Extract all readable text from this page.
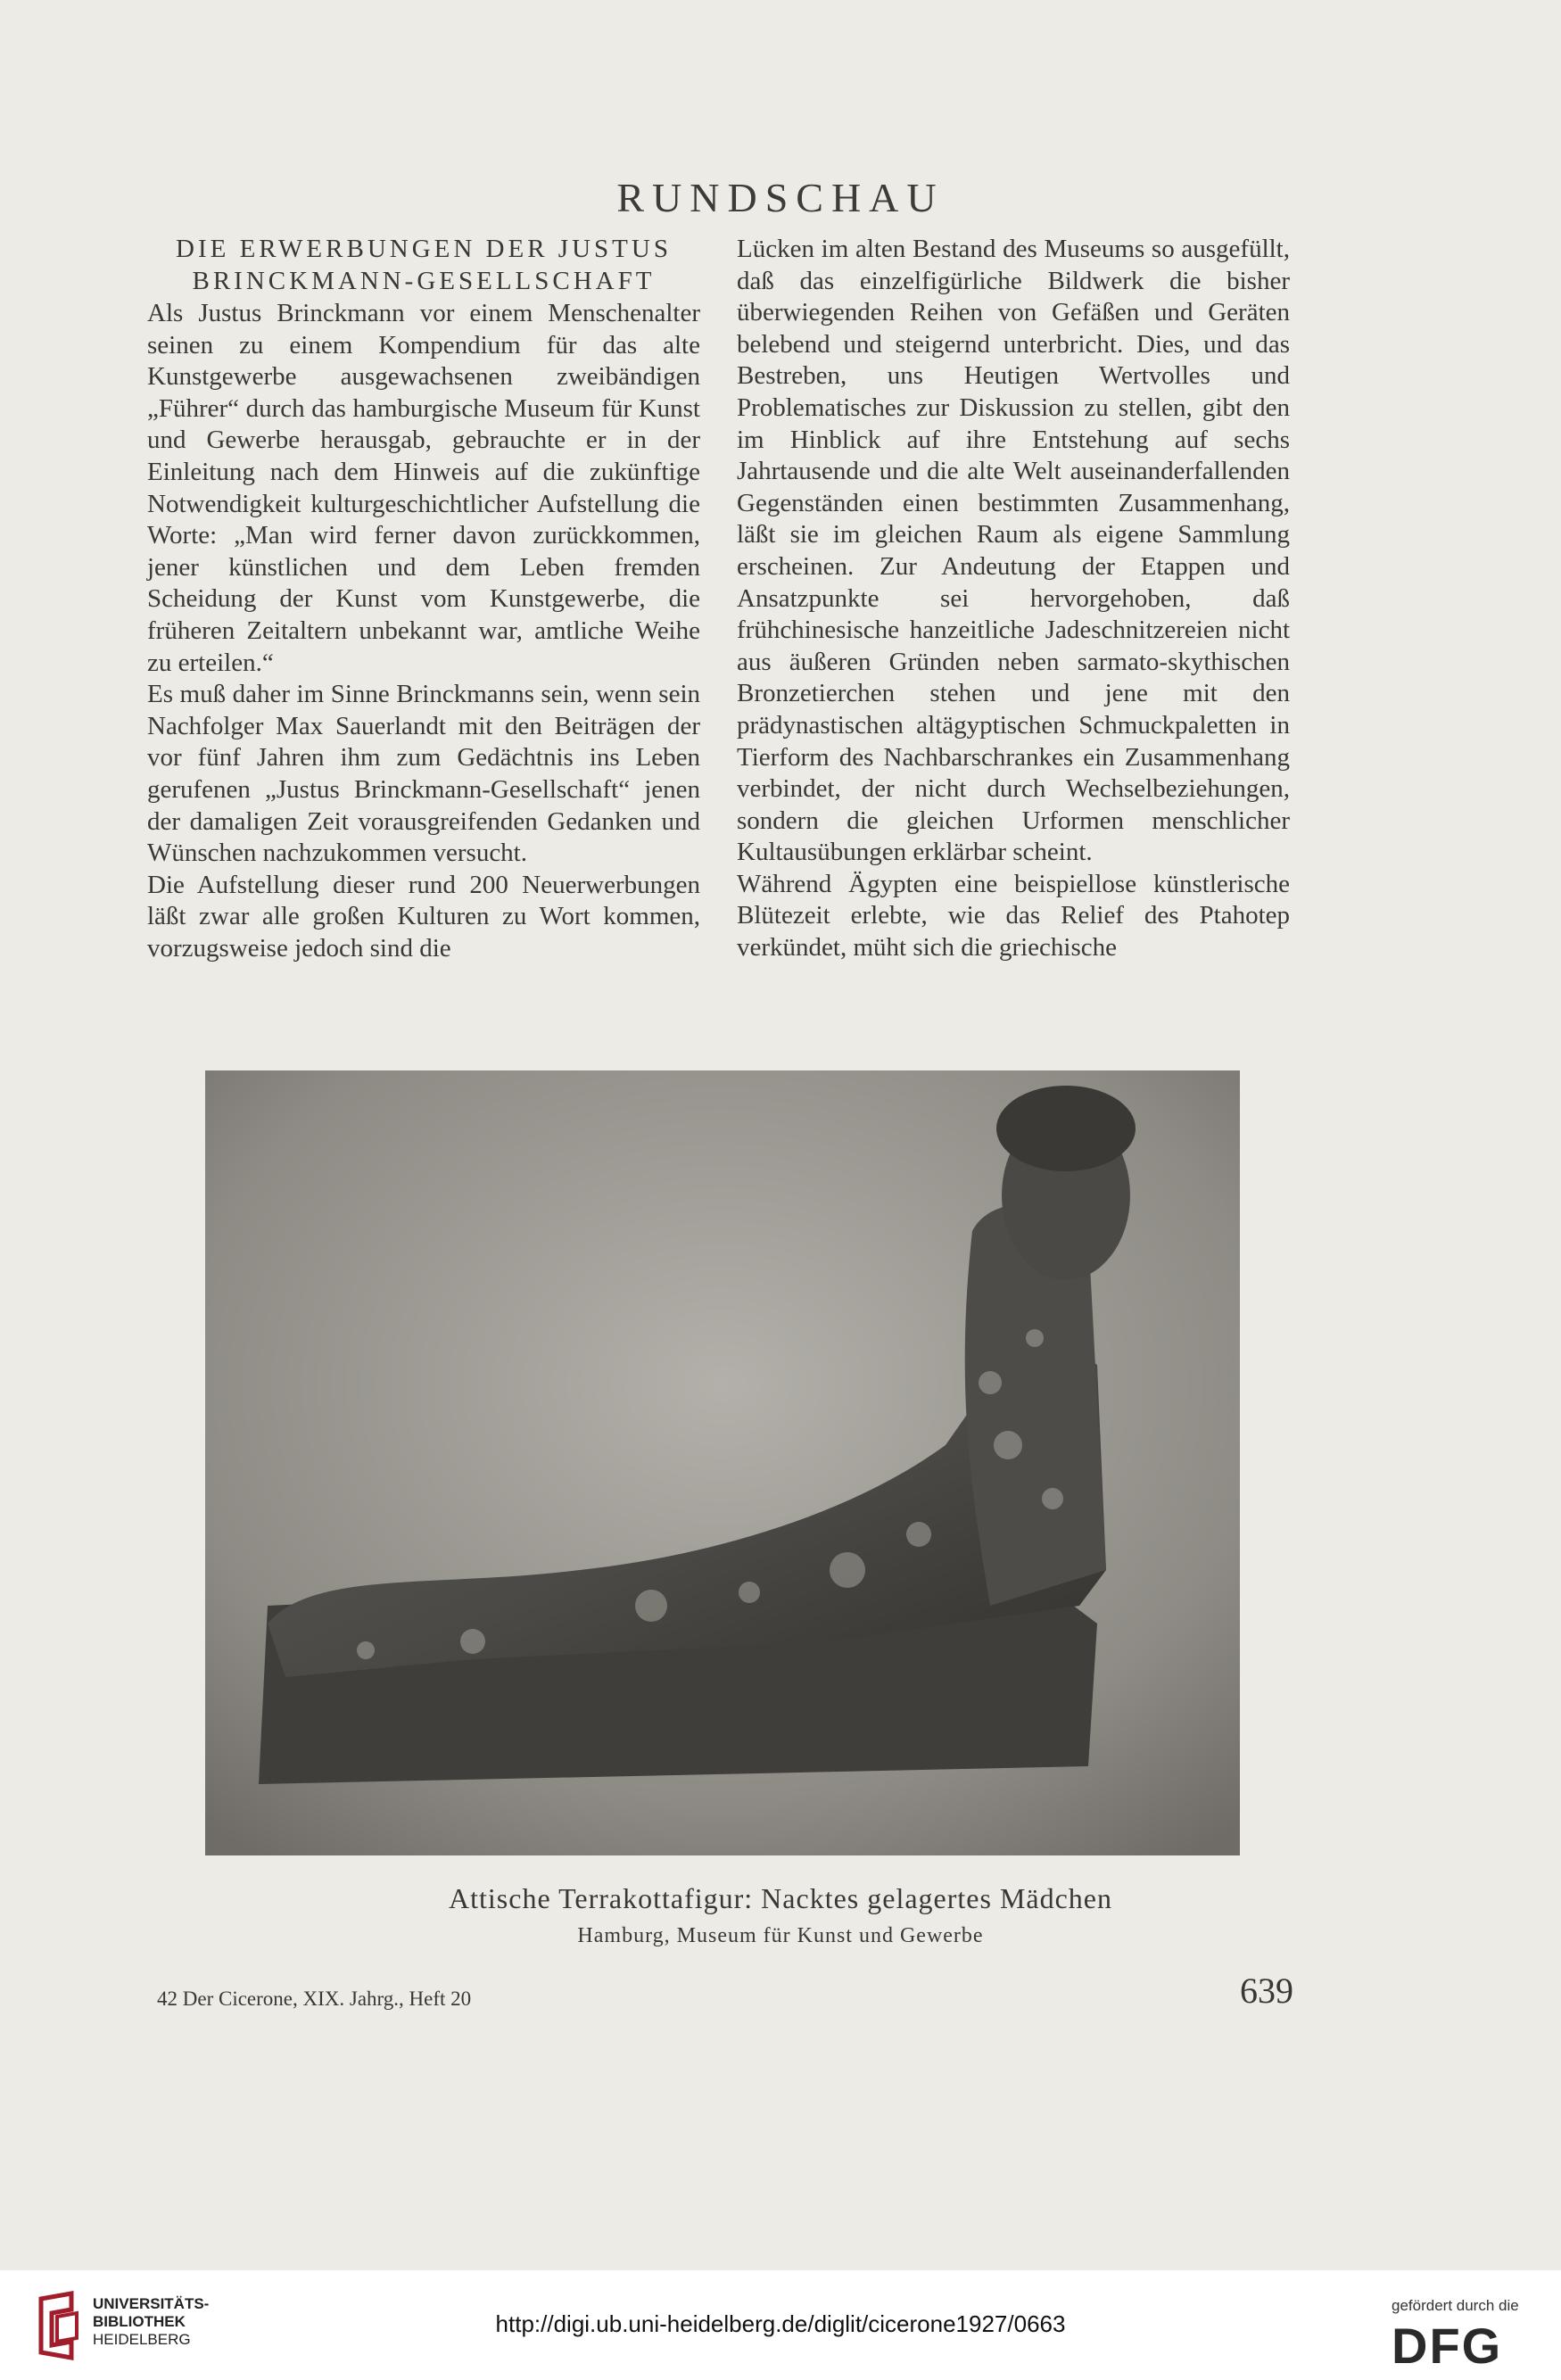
RUNDSCHAU
DIE ERWERBUNGEN DER JUSTUS
BRINCKMANN-GESELLSCHAFT

Als Justus Brinckmann vor einem Menschenalter seinen zu einem Kompendium für das alte Kunstgewerbe ausgewachsenen zweibändigen „Führer“ durch das hamburgische Museum für Kunst und Gewerbe herausgab, gebrauchte er in der Einleitung nach dem Hinweis auf die zukünftige Notwendigkeit kulturgeschichtlicher Aufstellung die Worte: „Man wird ferner davon zurückkommen, jener künstlichen und dem Leben fremden Scheidung der Kunst vom Kunstgewerbe, die früheren Zeitaltern unbekannt war, amtliche Weihe zu erteilen.“

Es muß daher im Sinne Brinckmanns sein, wenn sein Nachfolger Max Sauerlandt mit den Beiträgen der vor fünf Jahren ihm zum Gedächtnis ins Leben gerufenen „Justus Brinckmann-Gesellschaft“ jenen der damaligen Zeit vorausgreifenden Gedanken und Wünschen nachzukommen versucht.

Die Aufstellung dieser rund 200 Neuerwerbungen läßt zwar alle großen Kulturen zu Wort kommen, vorzugsweise jedoch sind die

Lücken im alten Bestand des Museums so ausgefüllt, daß das einzelfigürliche Bildwerk die bisher überwiegenden Reihen von Gefäßen und Geräten belebend und steigernd unterbricht. Dies, und das Bestreben, uns Heutigen Wertvolles und Problematisches zur Diskussion zu stellen, gibt den im Hinblick auf ihre Entstehung auf sechs Jahrtausende und die alte Welt auseinanderfallenden Gegenständen einen bestimmten Zusammenhang, läßt sie im gleichen Raum als eigene Sammlung erscheinen. Zur Andeutung der Etappen und Ansatzpunkte sei hervorgehoben, daß frühchinesische hanzeitliche Jadeschnitzereien nicht aus äußeren Gründen neben sarmato-skythischen Bronzetierchen stehen und jene mit den prädynastischen altägyptischen Schmuckpaletten in Tierform des Nachbarschrankes ein Zusammenhang verbindet, der nicht durch Wechselbeziehungen, sondern die gleichen Urformen menschlicher Kultausübungen erklärbar scheint.

Während Ägypten eine beispiellose künstlerische Blütezeit erlebte, wie das Relief des Ptahotep verkündet, müht sich die griechische

Attische Terrakottafigur: Nacktes gelagertes Mädchen
Hamburg, Museum für Kunst und Gewerbe
42 Der Cicerone, XIX. Jahrg., Heft 20	639
UNIVERSITÄTS-
BIBLIOTHEK
HEIDELBERG
http://digi.ub.uni-heidelberg.de/diglit/cicerone1927/0663
gefördert durch die
DFG
